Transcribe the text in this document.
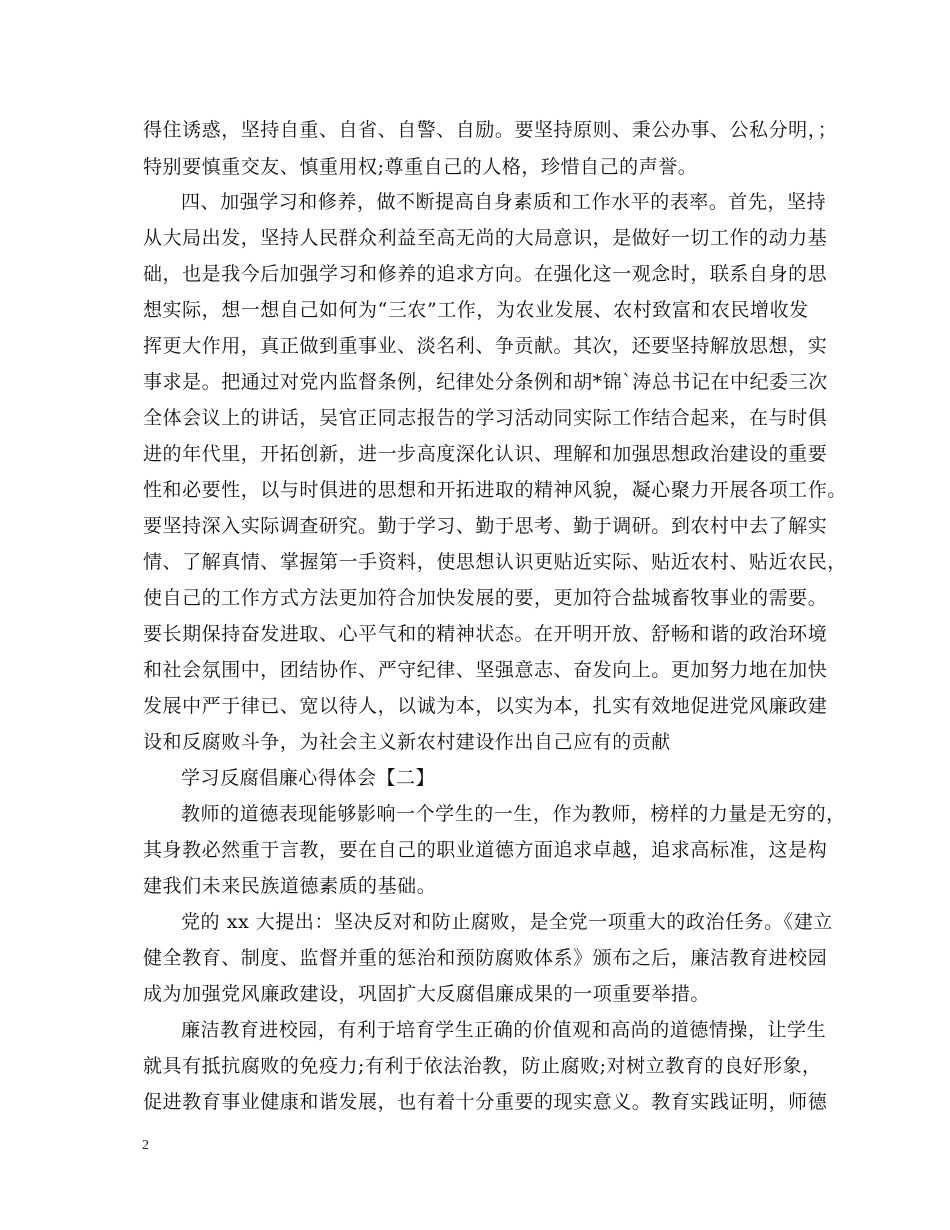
得住诱惑，坚持自重、自省、自警、自励。要坚持原则、秉公办事、公私分明，；
特别要慎重交友、慎重用权;尊重自己的人格，珍惜自己的声誉。
四、加强学习和修养，做不断提高自身素质和工作水平的表率。首先，坚持
从大局出发，坚持人民群众利益至高无尚的大局意识，是做好一切工作的动力基
础，也是我今后加强学习和修养的追求方向。在强化这一观念时，联系自身的思
想实际，想一想自己如何为“三农”工作，为农业发展、农村致富和农民增收发
挥更大作用，真正做到重事业、淡名利、争贡献。其次，还要坚持解放思想，实
事求是。把通过对党内监督条例，纪律处分条例和胡*锦`涛总书记在中纪委三次
全体会议上的讲话，吴官正同志报告的学习活动同实际工作结合起来，在与时俱
进的年代里，开拓创新，进一步高度深化认识、理解和加强思想政治建设的重要
性和必要性，以与时俱进的思想和开拓进取的精神风貌，凝心聚力开展各项工作。
要坚持深入实际调查研究。勤于学习、勤于思考、勤于调研。到农村中去了解实
情、了解真情、掌握第一手资料，使思想认识更贴近实际、贴近农村、贴近农民，
使自己的工作方式方法更加符合加快发展的要，更加符合盐城畜牧事业的需要。
要长期保持奋发进取、心平气和的精神状态。在开明开放、舒畅和谐的政治环境
和社会氛围中，团结协作、严守纪律、坚强意志、奋发向上。更加努力地在加快
发展中严于律已、宽以待人，以诚为本，以实为本，扎实有效地促进党风廉政建
设和反腐败斗争，为社会主义新农村建设作出自己应有的贡献
学习反腐倡廉心得体会【二】
教师的道德表现能够影响一个学生的一生，作为教师，榜样的力量是无穷的，
其身教必然重于言教，要在自己的职业道德方面追求卓越，追求高标准，这是构
建我们未来民族道德素质的基础。
党的 xx 大提出：坚决反对和防止腐败，是全党一项重大的政治任务。《建立
健全教育、制度、监督并重的惩治和预防腐败体系》颁布之后，廉洁教育进校园
成为加强党风廉政建设，巩固扩大反腐倡廉成果的一项重要举措。
廉洁教育进校园，有利于培育学生正确的价值观和高尚的道德情操，让学生
就具有抵抗腐败的免疫力;有利于依法治教，防止腐败;对树立教育的良好形象，
促进教育事业健康和谐发展，也有着十分重要的现实意义。教育实践证明，师德
2
